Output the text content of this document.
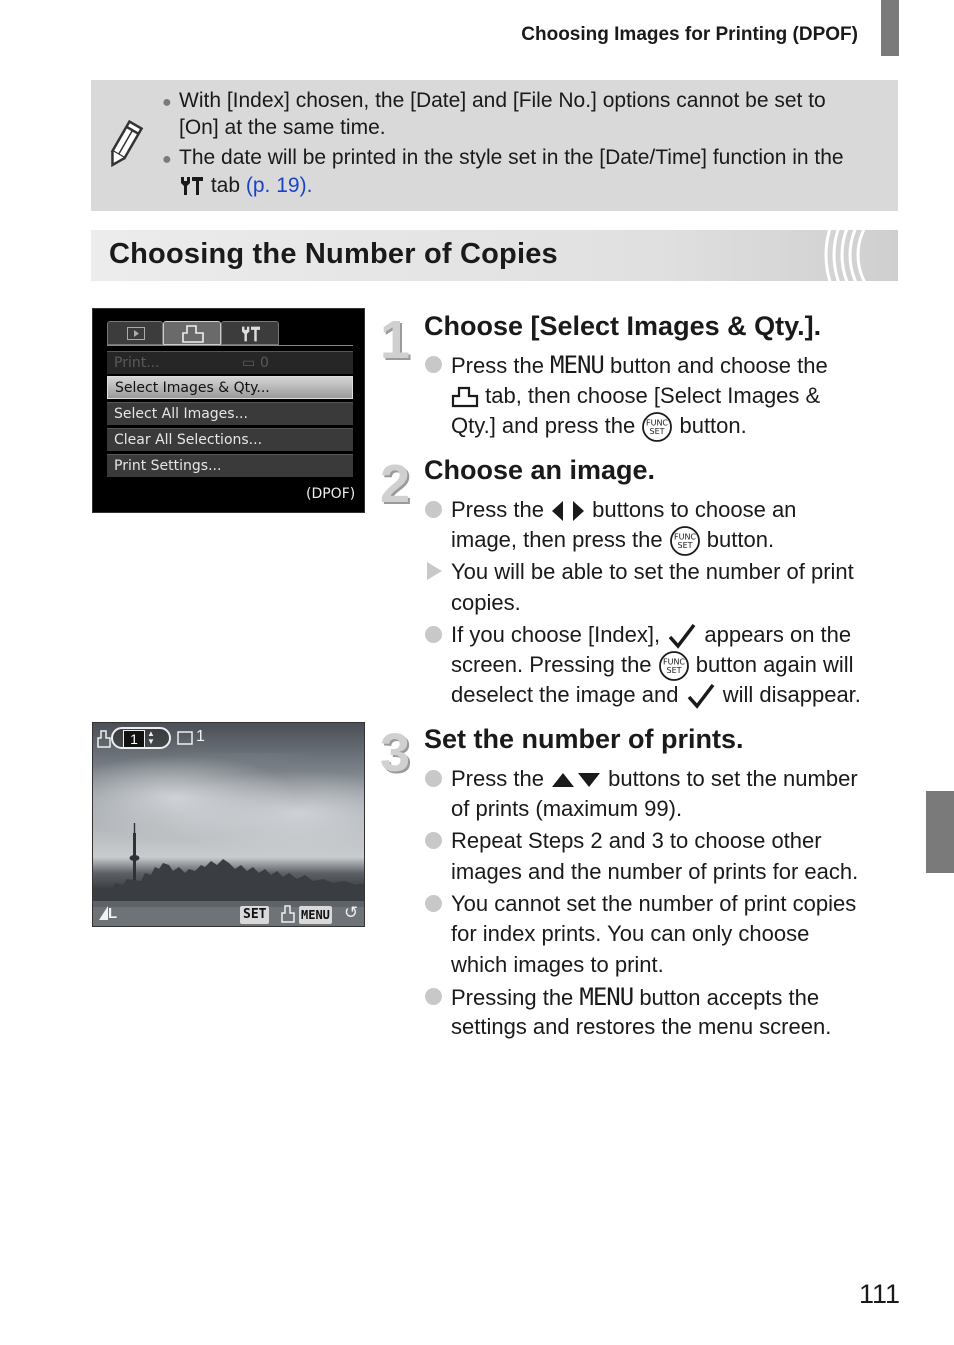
Choosing Images for Printing (DPOF)
● With [Index] chosen, the [Date] and [File No.] options cannot be set to
[On] at the same time.
● The date will be printed in the style set in the [Date/Time] function in the
tab (p. 19).
Choosing the Number of Copies
Print...	▭ 0
Select Images & Qty...
Select All Images...
Clear All Selections...
Print Settings...
(DPOF)
1	▲
▼	1
L	SET	MENU ↺
1 Choose [Select Images & Qty.].
Press the MENU button and choose the
tab, then choose [Select Images &
Qty.] and press the FUNC
SET button.
2 Choose an image.
Press the  buttons to choose an
image, then press the FUNC
SET button.
You will be able to set the number of print
copies.
If you choose [Index],  appears on the
screen. Pressing the FUNC
SET button again will
deselect the image and  will disappear.
3 Set the number of prints.
Press the  buttons to set the number
of prints (maximum 99).
Repeat Steps 2 and 3 to choose other
images and the number of prints for each.
You cannot set the number of print copies
for index prints. You can only choose
which images to print.
Pressing the MENU button accepts the
settings and restores the menu screen.
111
